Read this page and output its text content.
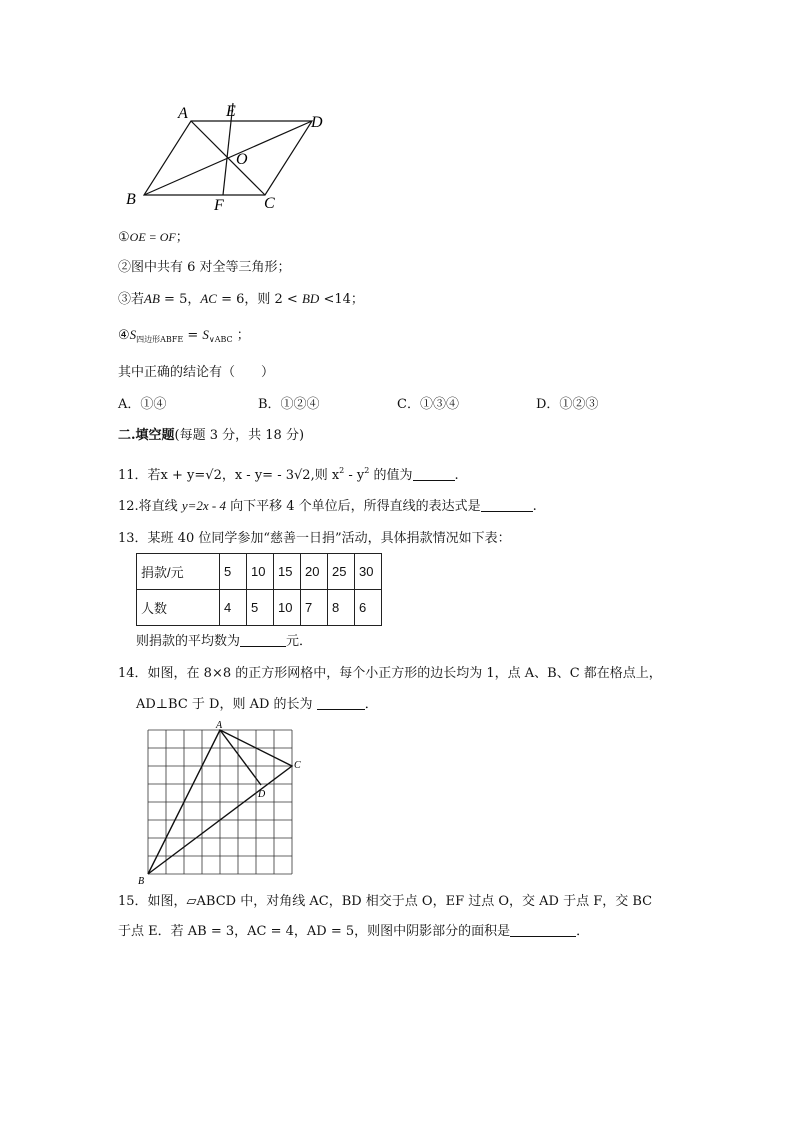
A E
D
O
B	F	C
①OE = OF；
②图中共有 6 对全等三角形；
③若AB = 5，AC = 6，则 2 < BD <14；
$④S_{四边形ABFE} = S_{\vee ABC}$ ；
其中正确的结论有（　　）
A．①④	B．①②④	C．①③④	D．①②③
二.填空题(每题 3 分，共 18 分)
11．若x + y=√2，x - y= - 3√2,则 $x^2 - y^2$ 的值为	.
12.将直线 y=2x - 4 向下平移 4 个单位后，所得直线的表达式是	.
13．某班 40 位同学参加“慈善一日捐”活动，具体捐款情况如下表：
捐款/元	5	10	15	20	25	30
人数	4	5	10	7	8	6
则捐款的平均数为	元．
14．如图，在 8×8 的正方形网格中，每个小正方形的边长均为 1，点 A、B、C 都在格点上，
AD⊥BC 于 D，则 AD 的长为	．
A
C
D
B
15．如图，▱ABCD 中，对角线 AC，BD 相交于点 O，EF 过点 O，交 AD 于点 F，交 BC
于点 E．若 AB = 3，AC = 4，AD = 5，则图中阴影部分的面积是	．
